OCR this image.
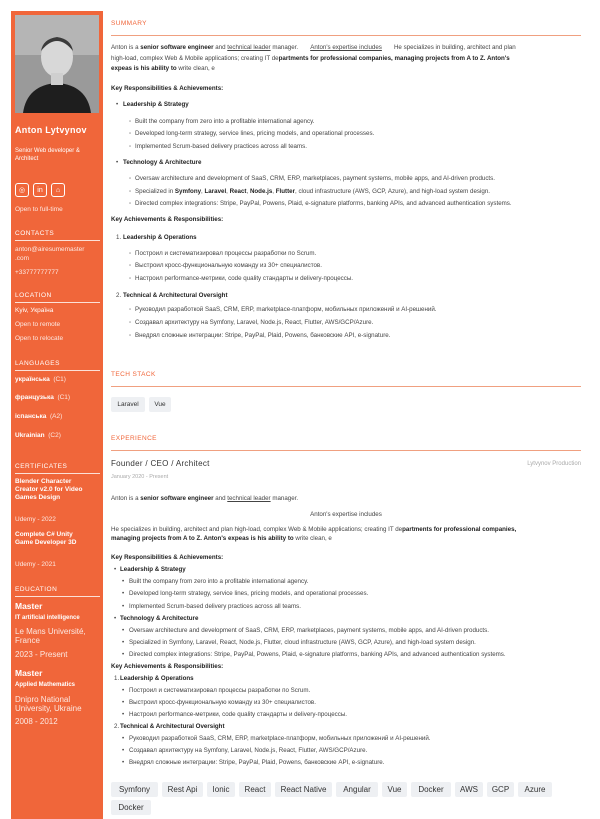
Anton Lytvynov
Senior Web developer & Architect
◎	in	⌂
Open to full-time
CONTACTS
anton@airesumemaster
.com
+33777777777
LOCATION
Kyiv, Україна
Open to remote
Open to relocate
LANGUAGES
українська (C1)
французька (C1)
іспанська (A2)
Ukrainian (C2)
CERTIFICATES
Blender Character
Creator v2.0 for Video
Games Design
Udemy - 2022
Complete C# Unity
Game Developer 3D
Udemy - 2021
EDUCATION
Master
IT artificial intelligence
Le Mans Université,
France
2023 - Present
Master
Applied Mathematics
Dnipro National
University, Ukraine
2008 - 2012
SUMMARY
Anton is a senior software engineer and technical leader manager. Anton's expertise includes He specializes in building, architect and plan
high-load, complex Web & Mobile applications; creating IT departments for professional companies, managing projects from A to Z. Anton's
expeas is his ability to write clean, e
Key Responsibilities & Achievements:
• Leadership & Strategy
◦ Built the company from zero into a profitable international agency.
◦ Developed long-term strategy, service lines, pricing models, and operational processes.
◦ Implemented Scrum-based delivery practices across all teams.
• Technology & Architecture
◦ Oversaw architecture and development of SaaS, CRM, ERP, marketplaces, payment systems, mobile apps, and AI-driven products.
◦ Specialized in Symfony, Laravel, React, Node.js, Flutter, cloud infrastructure (AWS, GCP, Azure), and high-load system design.
◦ Directed complex integrations: Stripe, PayPal, Powens, Plaid, e-signature platforms, banking APIs, and advanced authentication systems.
Key Achievements & Responsibilities:
1. Leadership & Operations
◦ Построил и систематизировал процессы разработки по Scrum.
◦ Выстроил кросс-функциональную команду из 30+ специалистов.
◦ Настроил performance-метрики, code quality стандарты и delivery-процессы.
2. Technical & Architectural Oversight
◦ Руководил разработкой SaaS, CRM, ERP, marketplace-платформ, мобильных приложений и AI-решений.
◦ Создавал архитектуру на Symfony, Laravel, Node.js, React, Flutter, AWS/GCP/Azure.
◦ Внедрял сложные интеграции: Stripe, PayPal, Plaid, Powens, банковские API, e-signature.
TECH STACK
Laravel	Vue
EXPERIENCE
Founder / CEO / Architect	Lytvynov Production
January 2020 - Present
Anton is a senior software engineer and technical leader manager.
Anton's expertise includes
He specializes in building, architect and plan high-load, complex Web & Mobile applications; creating IT departments for professional companies,
managing projects from A to Z. Anton's expeas is his ability to write clean, e
Key Responsibilities & Achievements:
• Leadership & Strategy
• Built the company from zero into a profitable international agency.
• Developed long-term strategy, service lines, pricing models, and operational processes.
• Implemented Scrum-based delivery practices across all teams.
• Technology & Architecture
• Oversaw architecture and development of SaaS, CRM, ERP, marketplaces, payment systems, mobile apps, and AI-driven products.
• Specialized in Symfony, Laravel, React, Node.js, Flutter, cloud infrastructure (AWS, GCP, Azure), and high-load system design.
• Directed complex integrations: Stripe, PayPal, Powens, Plaid, e-signature platforms, banking APIs, and advanced authentication systems.
Key Achievements & Responsibilities:
1. Leadership & Operations
• Построил и систематизировал процессы разработки по Scrum.
• Выстроил кросс-функциональную команду из 30+ специалистов.
• Настроил performance-метрики, code quality стандарты и delivery-процессы.
2. Technical & Architectural Oversight
• Руководил разработкой SaaS, CRM, ERP, marketplace-платформ, мобильных приложений и AI-решений.
• Создавал архитектуру на Symfony, Laravel, Node.js, React, Flutter, AWS/GCP/Azure.
• Внедрял сложные интеграции: Stripe, PayPal, Plaid, Powens, банковские API, e-signature.
Symfony	Rest Api	Ionic	React	React Native	Angular	Vue	Docker	AWS	GCP	Azure
Docker
